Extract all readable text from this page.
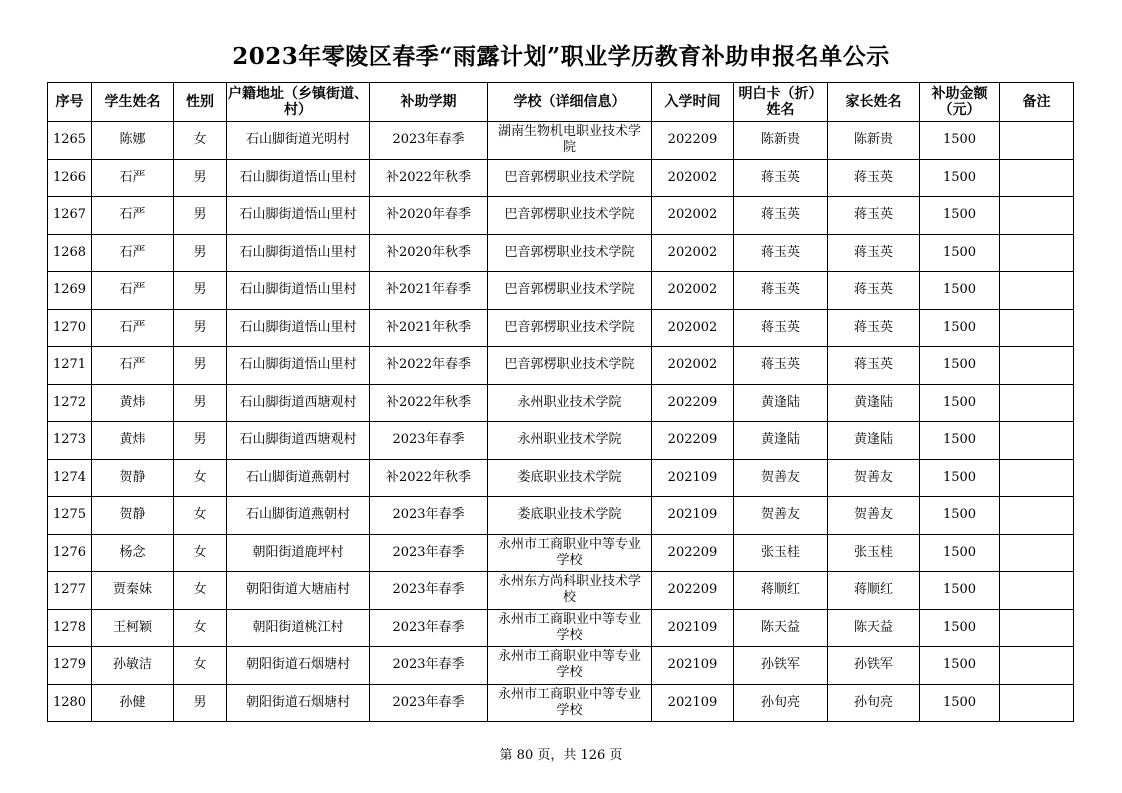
2023年零陵区春季“雨露计划”职业学历教育补助申报名单公示
序号	学生姓名	性别	户籍地址（乡镇街道、村）	补助学期	学校（详细信息）	入学时间	明白卡（折）姓名	家长姓名	补助金额（元）	备注
1265	陈娜	女	石山脚街道光明村	2023年春季	湖南生物机电职业技术学院	202209	陈新贵	陈新贵	1500	
1266	石严	男	石山脚街道悟山里村	补2022年秋季	巴音郭楞职业技术学院	202002	蒋玉英	蒋玉英	1500	
1267	石严	男	石山脚街道悟山里村	补2020年春季	巴音郭楞职业技术学院	202002	蒋玉英	蒋玉英	1500	
1268	石严	男	石山脚街道悟山里村	补2020年秋季	巴音郭楞职业技术学院	202002	蒋玉英	蒋玉英	1500	
1269	石严	男	石山脚街道悟山里村	补2021年春季	巴音郭楞职业技术学院	202002	蒋玉英	蒋玉英	1500	
1270	石严	男	石山脚街道悟山里村	补2021年秋季	巴音郭楞职业技术学院	202002	蒋玉英	蒋玉英	1500	
1271	石严	男	石山脚街道悟山里村	补2022年春季	巴音郭楞职业技术学院	202002	蒋玉英	蒋玉英	1500	
1272	黄炜	男	石山脚街道西塘观村	补2022年秋季	永州职业技术学院	202209	黄逢陆	黄逢陆	1500	
1273	黄炜	男	石山脚街道西塘观村	2023年春季	永州职业技术学院	202209	黄逢陆	黄逢陆	1500	
1274	贺静	女	石山脚街道燕朝村	补2022年秋季	娄底职业技术学院	202109	贺善友	贺善友	1500	
1275	贺静	女	石山脚街道燕朝村	2023年春季	娄底职业技术学院	202109	贺善友	贺善友	1500	
1276	杨念	女	朝阳街道鹿坪村	2023年春季	永州市工商职业中等专业学校	202209	张玉桂	张玉桂	1500	
1277	贾秦妹	女	朝阳街道大塘庙村	2023年春季	永州东方尚科职业技术学校	202209	蒋顺红	蒋顺红	1500	
1278	王柯颖	女	朝阳街道桃江村	2023年春季	永州市工商职业中等专业学校	202109	陈天益	陈天益	1500	
1279	孙敏洁	女	朝阳街道石烟塘村	2023年春季	永州市工商职业中等专业学校	202109	孙铁军	孙铁军	1500	
1280	孙健	男	朝阳街道石烟塘村	2023年春季	永州市工商职业中等专业学校	202109	孙旬亮	孙旬亮	1500	
第 80 页，共 126 页
